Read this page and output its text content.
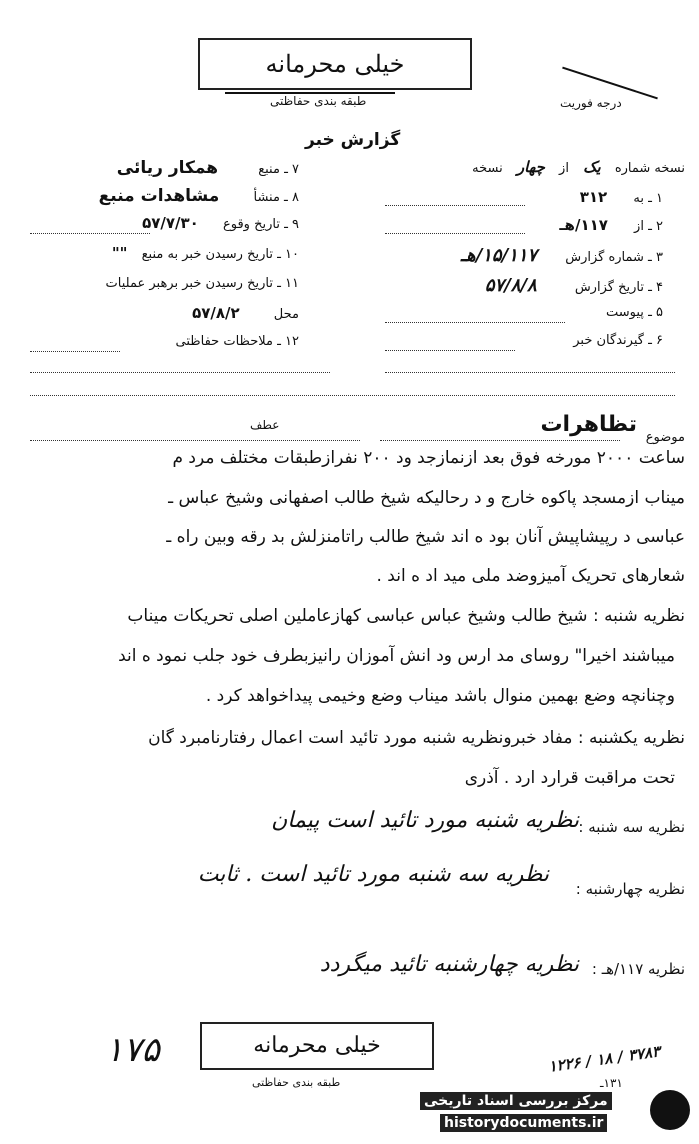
خیلی محرمانه
طبقه بندی حفاظتی	درجه فوریت
گزارش خبر
نسخه شماره یک از چهار نسخه
۱ ـ به ۳۱۲
۲ ـ از ۱۱۷/هـ
۳ ـ شماره گزارش ۱۵/۱۱۷/هـ
۴ ـ تاریخ گزارش ۵۷/۸/۸
۵ ـ پیوست
۶ ـ گیرندگان خبر
۷ ـ منبع همکار ریائی
۸ ـ منشأ مشاهدات منبع
۹ ـ تاریخ وقوع ۵۷/۷/۳۰
۱۰ ـ تاریخ رسیدن خبر به منبع ""
۱۱ ـ تاریخ رسیدن خبر برهبر عملیات
محل ۵۷/۸/۲
۱۲ ـ ملاحظات حفاظتی
موضوع
تظاهرات
عطف
ساعت ۲۰۰۰ مورخه فوق بعد ازنمازجد ود ۲۰۰ نفرازطبقات مختلف مرد م
میناب ازمسجد پاکوه خارج و د رحالیکه شیخ طالب اصفهانی وشیخ عباس ـ
عباسی د رپیشاپیش آنان بود ه اند شیخ طالب راتامنزلش بد رقه وبین راه ـ
شعارهای تحریک آمیزوضد ملی مید اد ه اند .
نظریه شنبه : شیخ طالب وشیخ عباس عباسی کهازعاملین اصلی تحریکات میناب
میباشند اخیرا" روسای مد ارس ود انش آموزان رانیزبطرف خود جلب نمود ه اند
وچنانچه وضع بهمین منوال باشد میناب وضع وخیمی پیداخواهد کرد .
نظریه یکشنبه : مفاد خبرونظریه شنبه مورد تائید است اعمال رفتارنامبرد گان
تحت مراقبت قرارد ارد . آذری
نظریه سه شنبه :
نظریه شنبه مورد تائید است پیمان
نظریه چهارشنبه :
نظریه سه شنبه مورد تائید است . ثابت
نظریه ۱۱۷/هـ :
نظریه چهارشنبه تائید میگردد
خیلی محرمانه
طبقه بندی حفاظتی
۱۷۵	۳۷۸۳ / ۱۸ / ۱۲۲۶
۱۳۱ـ
مرکز بررسی اسناد تاریخی
historydocuments.ir
